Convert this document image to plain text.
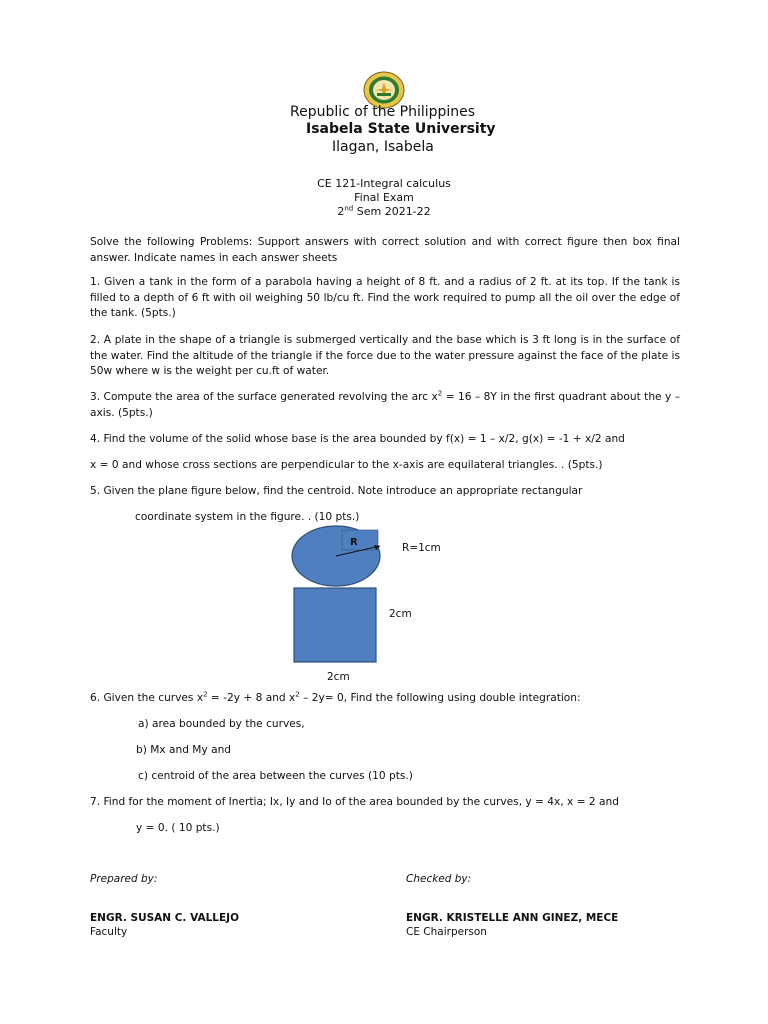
Republic of the Philippines
Isabela State University
Ilagan, Isabela
CE 121-Integral calculus
Final Exam
2nd Sem 2021-22
Solve the following Problems: Support answers with correct solution and with correct figure then box final answer. Indicate names in each answer sheets
1. Given a tank in the form of a parabola having a height of 8 ft. and a radius of 2 ft. at its top. If the tank is filled to a depth of 6 ft with oil weighing 50 lb/cu ft. Find the work required to pump all the oil over the edge of the tank. (5pts.)
2. A plate in the shape of a triangle is submerged vertically and the base which is 3 ft long is in the surface of the water. Find the altitude of the triangle if the force due to the water pressure against the face of the plate is 50w where w is the weight per cu.ft of water.
3. Compute the area of the surface generated revolving the arc $x^2 = 16 - 8Y$ in the first quadrant about the y – axis. (5pts.)
4. Find the volume of the solid whose base is the area bounded by f(x) = 1 – x/2, g(x) = -1 + x/2 and
x = 0 and whose cross sections are perpendicular to the x-axis are equilateral triangles. . (5pts.)
5. Given the plane figure below, find the centroid. Note introduce an appropriate rectangular
coordinate system in the figure. . (10 pts.)
R	R=1cm
2cm
2cm
6. Given the curves $x^2 = -2y + 8$ and $x^2 - 2y= 0$, Find the following using double integration:
a) area bounded by the curves,
b) Mx and My and
c) centroid of the area between the curves (10 pts.)
7. Find for the moment of Inertia; Ix, Iy and Io of the area bounded by the curves, y = 4x, x = 2 and
y = 0. ( 10 pts.)
Prepared by:	Checked by:
ENGR. SUSAN C. VALLEJO
Faculty
ENGR. KRISTELLE ANN GINEZ, MECE
CE Chairperson
